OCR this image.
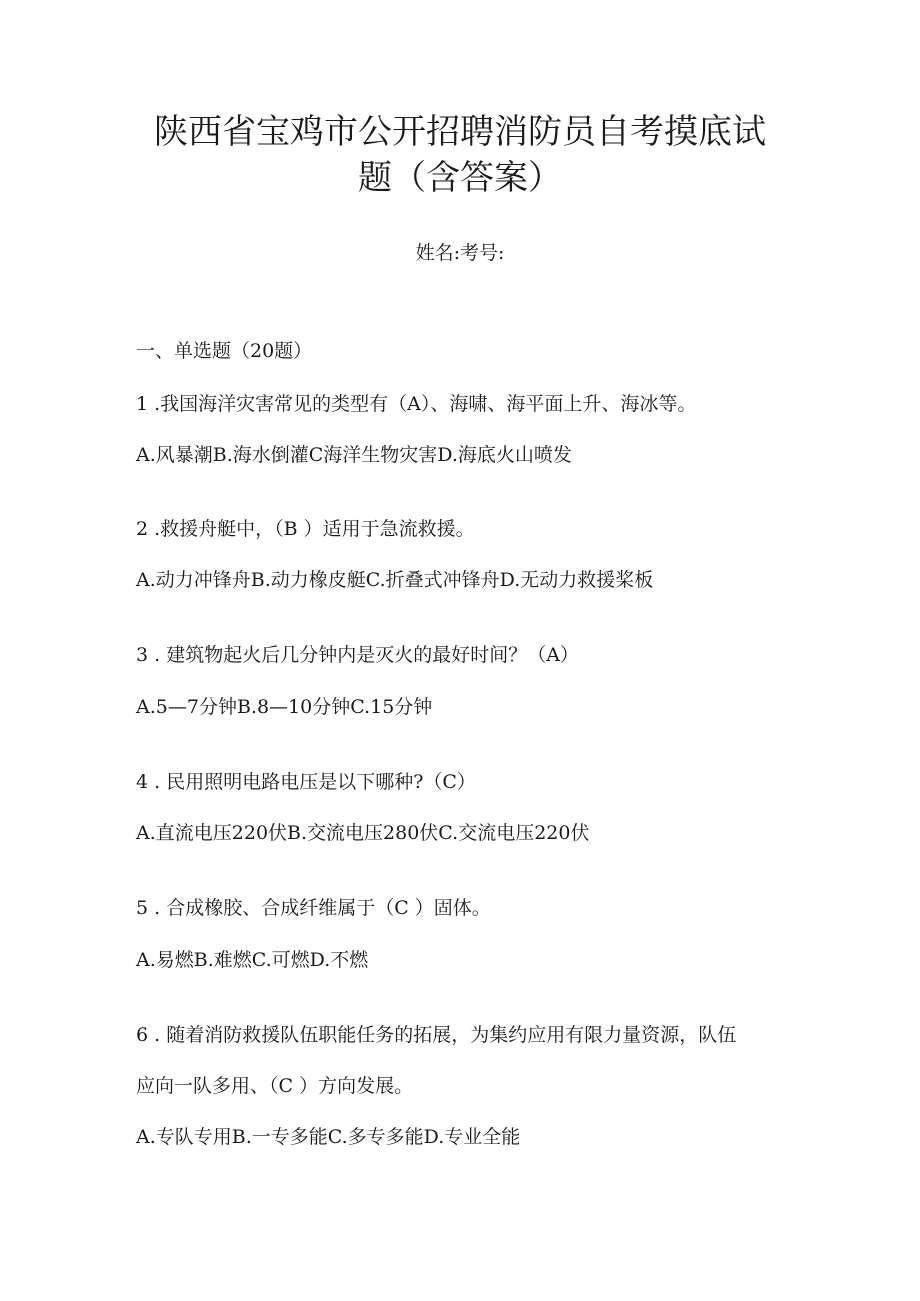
陕西省宝鸡市公开招聘消防员自考摸底试
题（含答案）
姓名:考号:
一、单选题（20题）
1 .我国海洋灾害常见的类型有（A）、海啸、海平面上升、海冰等。
A.风暴潮B.海水倒灌C海洋生物灾害D.海底火山喷发
2 .救援舟艇中，（B ）适用于急流救援。
A.动力冲锋舟B.动力橡皮艇C.折叠式冲锋舟D.无动力救援桨板
3 . 建筑物起火后几分钟内是灭火的最好时间？（A）
A.5—7分钟B.8—10分钟C.15分钟
4 . 民用照明电路电压是以下哪种?（C）
A.直流电压220伏B.交流电压280伏C.交流电压220伏
5 . 合成橡胶、合成纤维属于（C ）固体。
A.易燃B.难燃C.可燃D.不燃
6 . 随着消防救援队伍职能任务的拓展，为集约应用有限力量资源，队伍
应向一队多用、（C ）方向发展。
A.专队专用B.一专多能C.多专多能D.专业全能
